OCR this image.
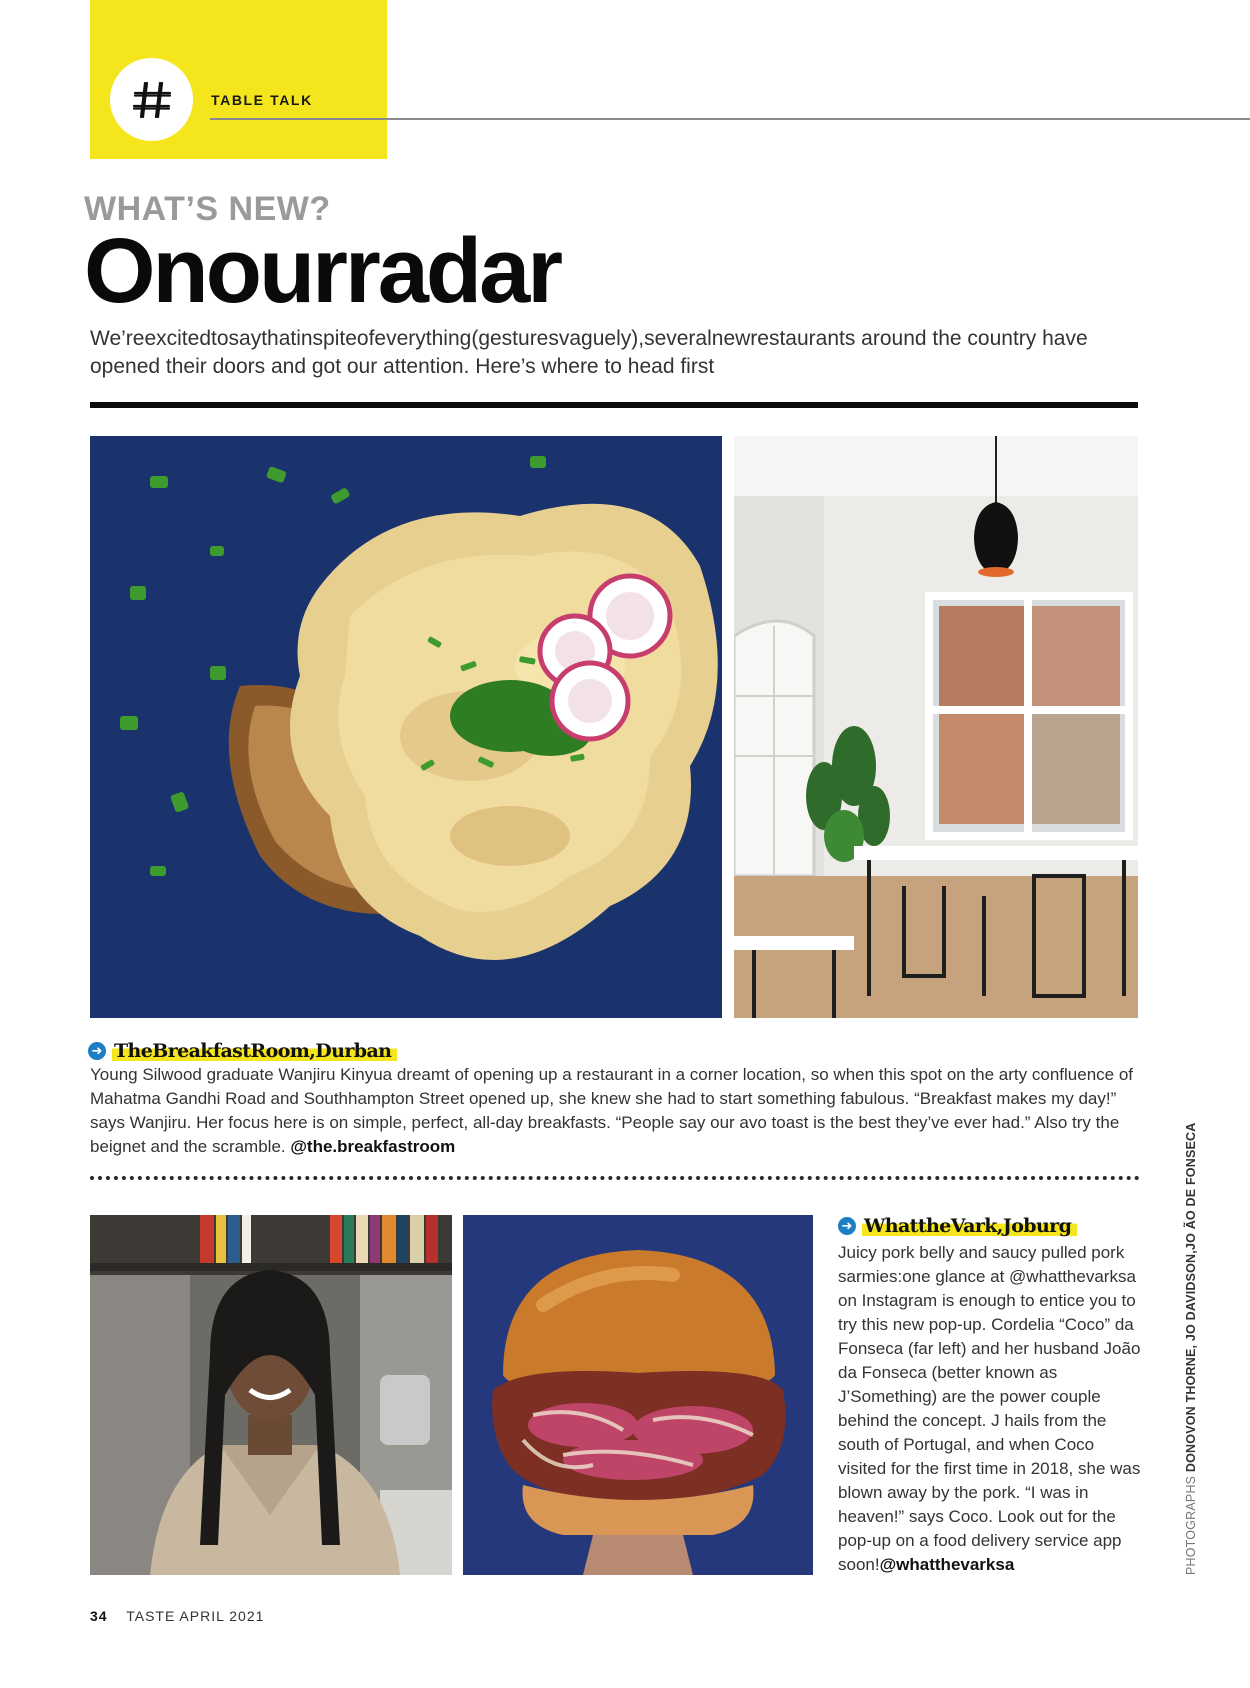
TABLE TALK
WHAT’S NEW?
Onourradar

We’reexcitedtosaythatinspiteofeverything(gesturesvaguely),severalnewrestaurants around the country have opened their doors and got our attention. Here’s where to head first

➜ TheBreakfastRoom,Durban

Young Silwood graduate Wanjiru Kinyua dreamt of opening up a restaurant in a corner location, so when this spot on the arty confluence of Mahatma Gandhi Road and Southhampton Street opened up, she knew she had to start something fabulous. “Breakfast makes my day!” says Wanjiru. Her focus here is on simple, perfect, all-day breakfasts. “People say our avo toast is the best they’ve ever had.” Also try the beignet and the scramble. @the.breakfastroom

➜ WhattheVark,Joburg

Juicy pork belly and saucy pulled pork sarmies:one glance at @whatthevarksa on Instagram is enough to entice you to try this new pop-up. Cordelia “Coco” da Fonseca (far left) and her husband João da Fonseca (better known as J’Something) are the power couple behind the concept. J hails from the south of Portugal, and when Coco visited for the first time in 2018, she was blown away by the pork. “I was in heaven!” says Coco. Look out for the pop-up on a food delivery service app soon!@whatthevarksa	PHOTOGRAPHS DONOVON THORNE, JO DAVIDSON,JO ÃO DE FONSECA
34 TASTE APRIL 2021
